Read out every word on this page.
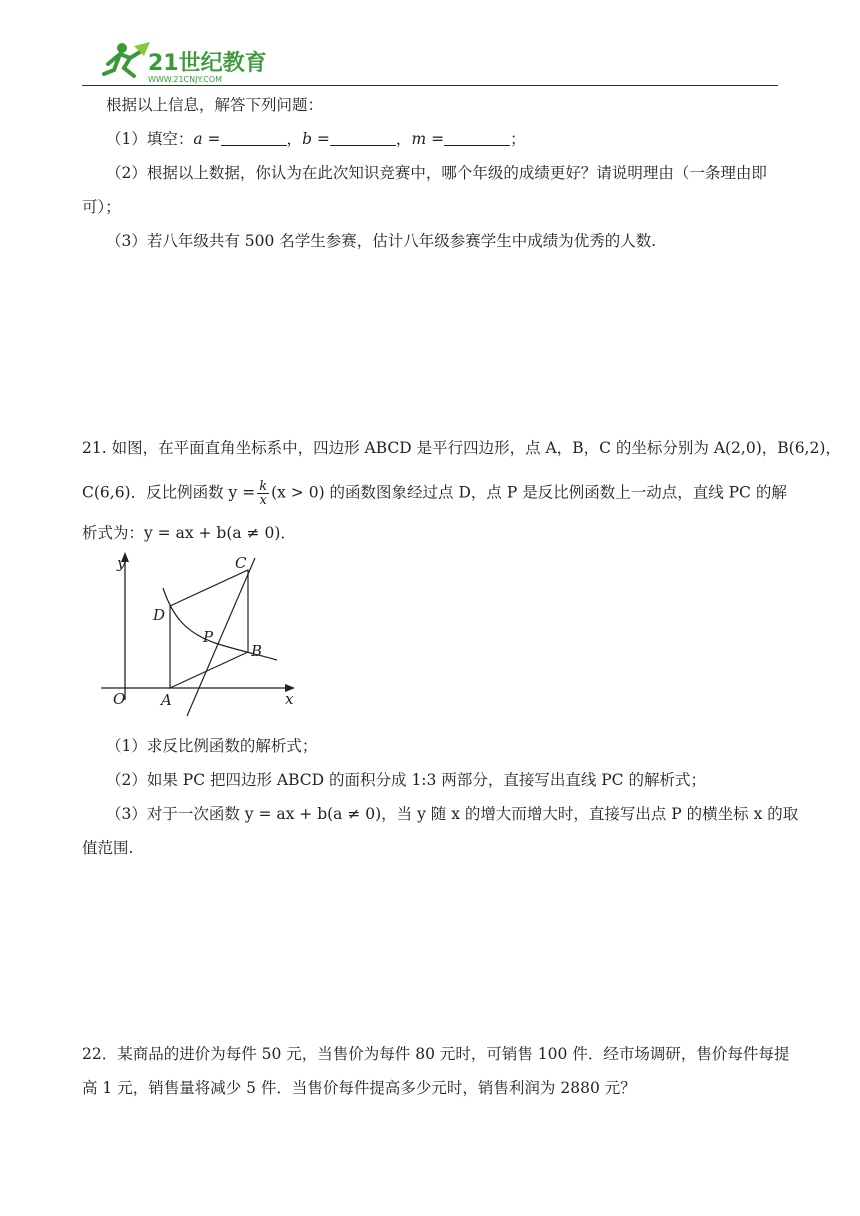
21世纪教育
WWW.21CNJY.COM
根据以上信息，解答下列问题：
（1）填空：a =	，b =	，m =	；
（2）根据以上数据，你认为在此次知识竞赛中，哪个年级的成绩更好？请说明理由（一条理由即
可）；
（3）若八年级共有 500 名学生参赛，估计八年级参赛学生中成绩为优秀的人数.
21. 如图，在平面直角坐标系中，四边形 ABCD 是平行四边形，点 A，B，C 的坐标分别为 A(2,0)，B(6,2)，
C(6,6)．反比例函数 $y = \frac{k}{x} (x > 0)$ 的函数图象经过点 D，点 P 是反比例函数上一动点，直线 PC 的解
析式为：y = ax + b(a ≠ 0)．
y
x
O A
B
C
D
P
（1）求反比例函数的解析式；
（2）如果 PC 把四边形 ABCD 的面积分成 1:3 两部分，直接写出直线 PC 的解析式；
（3）对于一次函数 y = ax + b(a ≠ 0)，当 y 随 x 的增大而增大时，直接写出点 P 的横坐标 x 的取
值范围.
22．某商品的进价为每件 50 元，当售价为每件 80 元时，可销售 100 件．经市场调研，售价每件每提
高 1 元，销售量将减少 5 件．当售价每件提高多少元时，销售利润为 2880 元？
